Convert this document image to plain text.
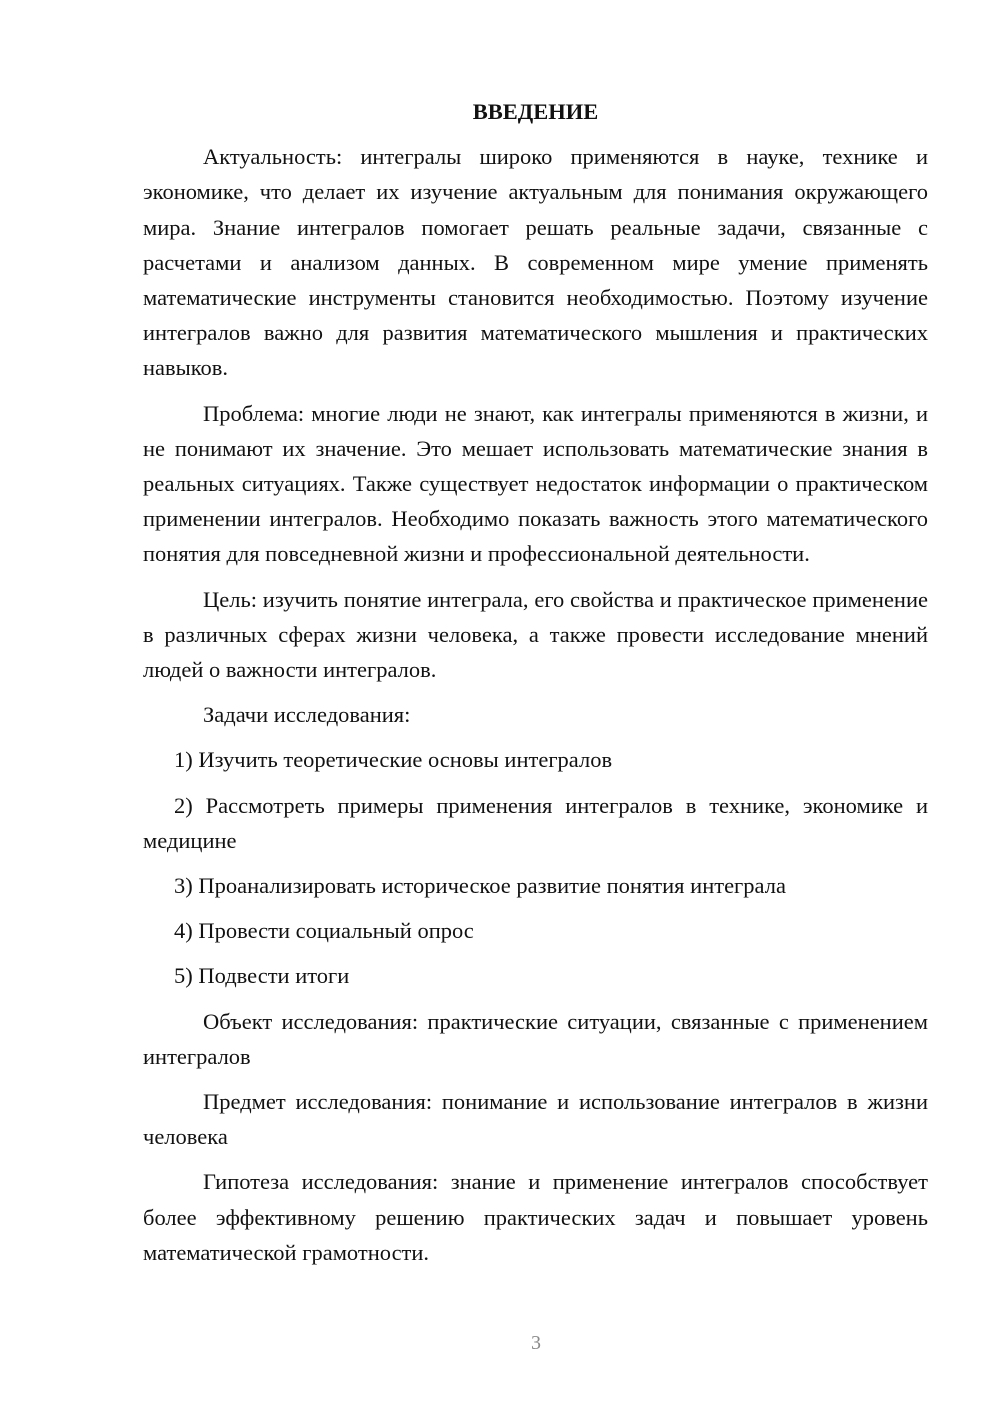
ВВЕДЕНИЕ

Актуальность: интегралы широко применяются в науке, технике и экономике, что делает их изучение актуальным для понимания окружающего мира. Знание интегралов помогает решать реальные задачи, связанные с расчетами и анализом данных. В современном мире умение применять математические инструменты становится необходимостью. Поэтому изучение интегралов важно для развития математического мышления и практических навыков.

Проблема: многие люди не знают, как интегралы применяются в жизни, и не понимают их значение. Это мешает использовать математические знания в реальных ситуациях. Также существует недостаток информации о практическом применении интегралов. Необходимо показать важность этого математического понятия для повседневной жизни и профессиональной деятельности.

Цель: изучить понятие интеграла, его свойства и практическое применение в различных сферах жизни человека, а также провести исследование мнений людей о важности интегралов.

Задачи исследования:

1) Изучить теоретические основы интегралов

2) Рассмотреть примеры применения интегралов в технике, экономике и медицине

3) Проанализировать историческое развитие понятия интеграла

4) Провести социальный опрос

5) Подвести итоги

Объект исследования: практические ситуации, связанные с применением интегралов

Предмет исследования: понимание и использование интегралов в жизни человека

Гипотеза исследования: знание и применение интегралов способствует более эффективному решению практических задач и повышает уровень математической грамотности.

3
